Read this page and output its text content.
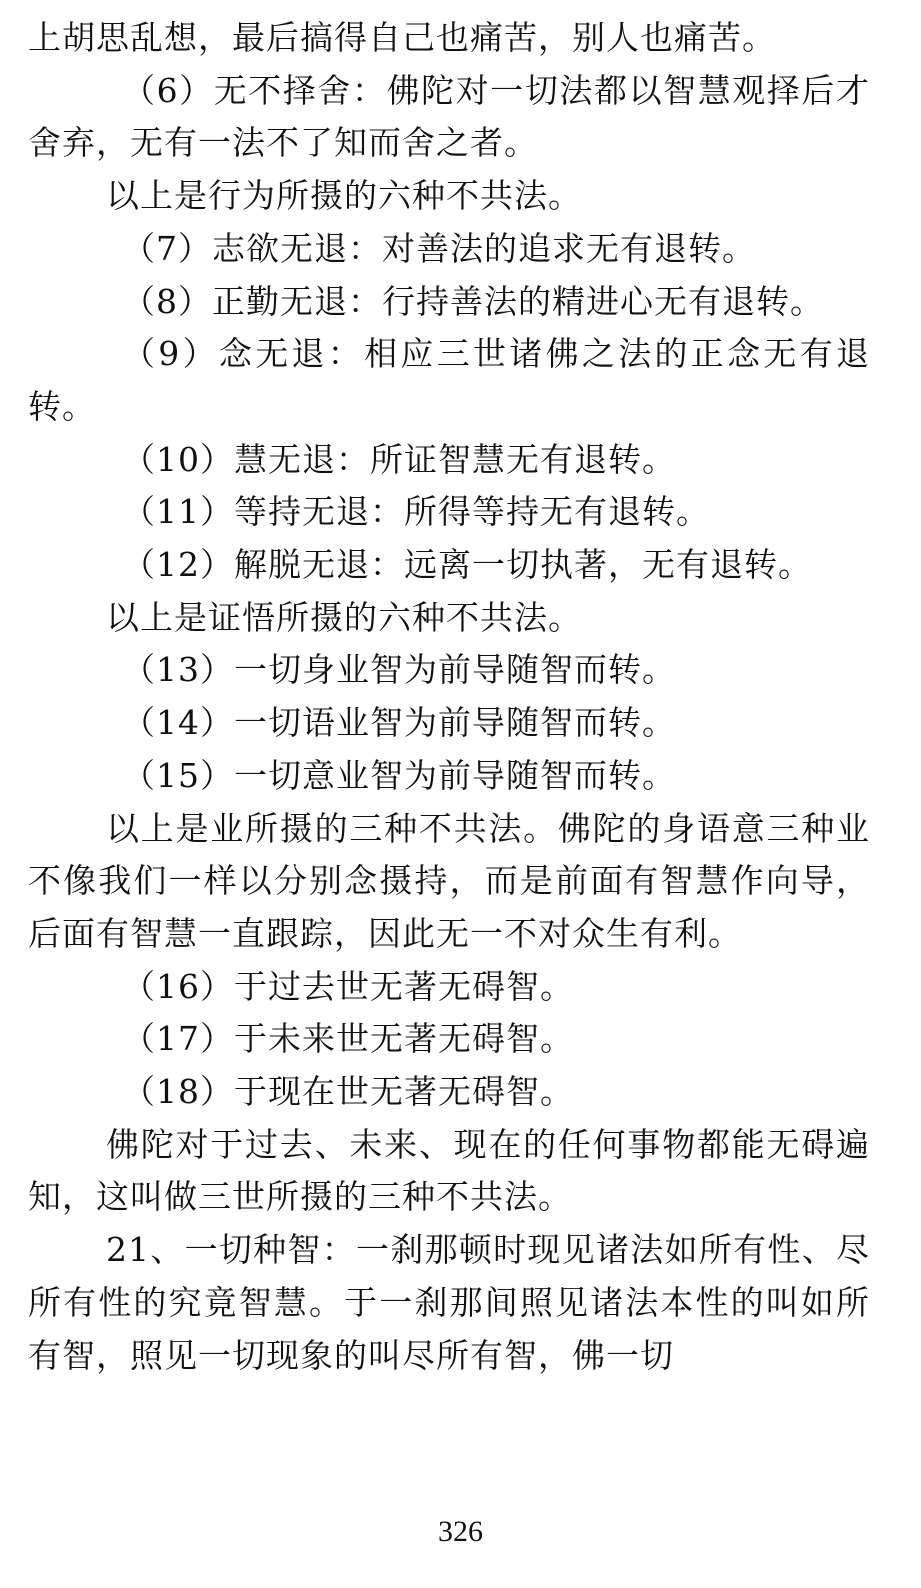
上胡思乱想，最后搞得自己也痛苦，别人也痛苦。

（6）无不择舍：佛陀对一切法都以智慧观择后才舍弃，无有一法不了知而舍之者。

以上是行为所摄的六种不共法。

（7）志欲无退：对善法的追求无有退转。

（8）正勤无退：行持善法的精进心无有退转。

（9）念无退：相应三世诸佛之法的正念无有退转。

（10）慧无退：所证智慧无有退转。

（11）等持无退：所得等持无有退转。

（12）解脱无退：远离一切执著，无有退转。

以上是证悟所摄的六种不共法。

（13）一切身业智为前导随智而转。

（14）一切语业智为前导随智而转。

（15）一切意业智为前导随智而转。

以上是业所摄的三种不共法。佛陀的身语意三种业不像我们一样以分别念摄持，而是前面有智慧作向导，后面有智慧一直跟踪，因此无一不对众生有利。

（16）于过去世无著无碍智。

（17）于未来世无著无碍智。

（18）于现在世无著无碍智。

佛陀对于过去、未来、现在的任何事物都能无碍遍知，这叫做三世所摄的三种不共法。

21、一切种智：一刹那顿时现见诸法如所有性、尽所有性的究竟智慧。于一刹那间照见诸法本性的叫如所有智，照见一切现象的叫尽所有智，佛一切

326
